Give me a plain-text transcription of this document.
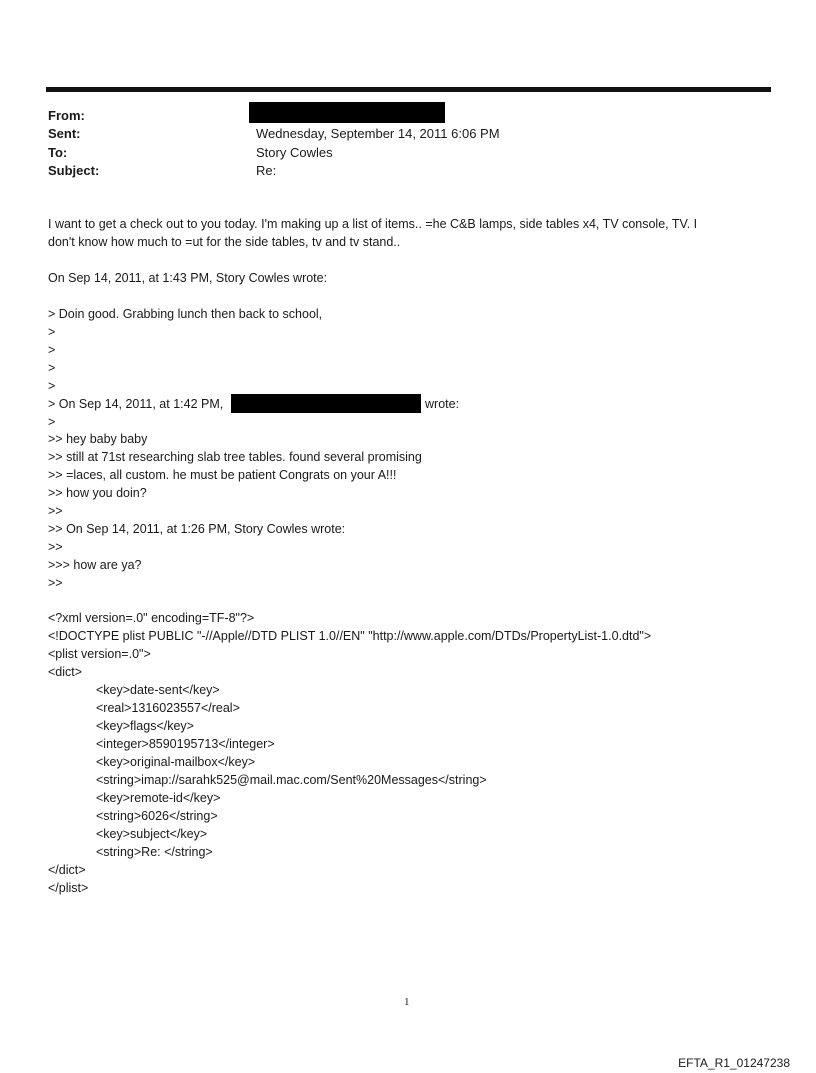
From:
Sent:	Wednesday, September 14, 2011 6:06 PM
To:	Story Cowles
Subject:	Re:
I want to get a check out to you today. I'm making up a list of items.. =he C&B lamps, side tables x4, TV console, TV. I
don't know how much to =ut for the side tables, tv and tv stand..
On Sep 14, 2011, at 1:43 PM, Story Cowles wrote:
> Doin good. Grabbing lunch then back to school,
>
>
>
>
> On Sep 14, 2011, at 1:42 PM,	wrote:
>
>> hey baby baby
>> still at 71st researching slab tree tables. found several promising
>> =laces, all custom. he must be patient Congrats on your A!!!
>> how you doin?
>>
>> On Sep 14, 2011, at 1:26 PM, Story Cowles wrote:
>>
>>> how are ya?
>>
<?xml version=.0" encoding=TF-8"?>
<!DOCTYPE plist PUBLIC "-//Apple//DTD PLIST 1.0//EN" "http://www.apple.com/DTDs/PropertyList-1.0.dtd">
<plist version=.0">
<dict>
<key>date-sent</key>
<real>1316023557</real>
<key>flags</key>
<integer>8590195713</integer>
<key>original-mailbox</key>
<string>imap://sarahk525@mail.mac.com/Sent%20Messages</string>
<key>remote-id</key>
<string>6026</string>
<key>subject</key>
<string>Re: </string>
</dict>
</plist>
1
EFTA_R1_01247238
